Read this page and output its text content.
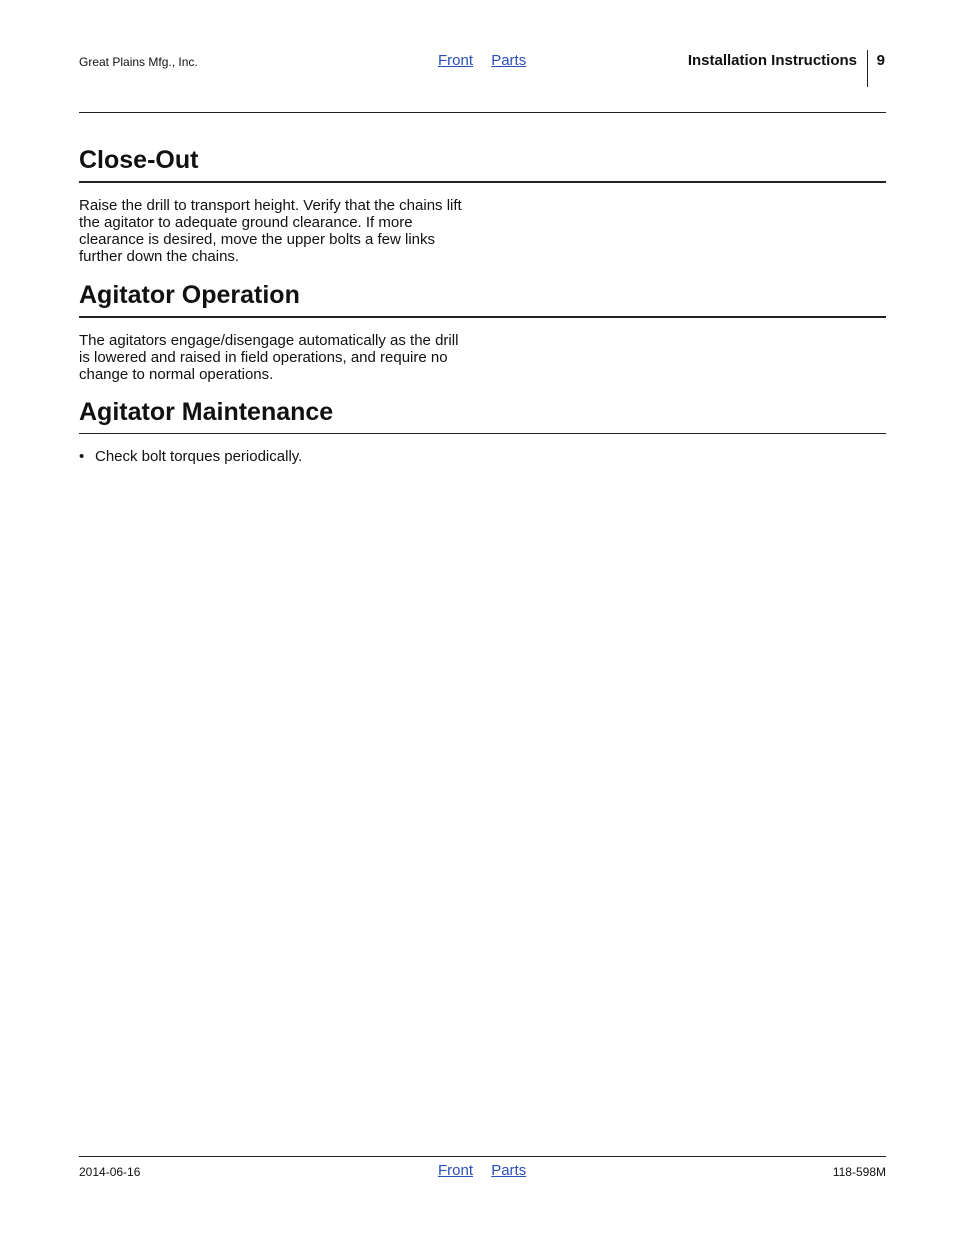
Great Plains Mfg., Inc.	Front Parts	Installation Instructions 9
Close-Out

Raise the drill to transport height. Verify that the chains lift the agitator to adequate ground clearance. If more clearance is desired, move the upper bolts a few links further down the chains.

Agitator Operation

The agitators engage/disengage automatically as the drill is lowered and raised in field operations, and require no change to normal operations.

Agitator Maintenance
• Check bolt torques periodically.
2014-06-16	Front Parts	118-598M
